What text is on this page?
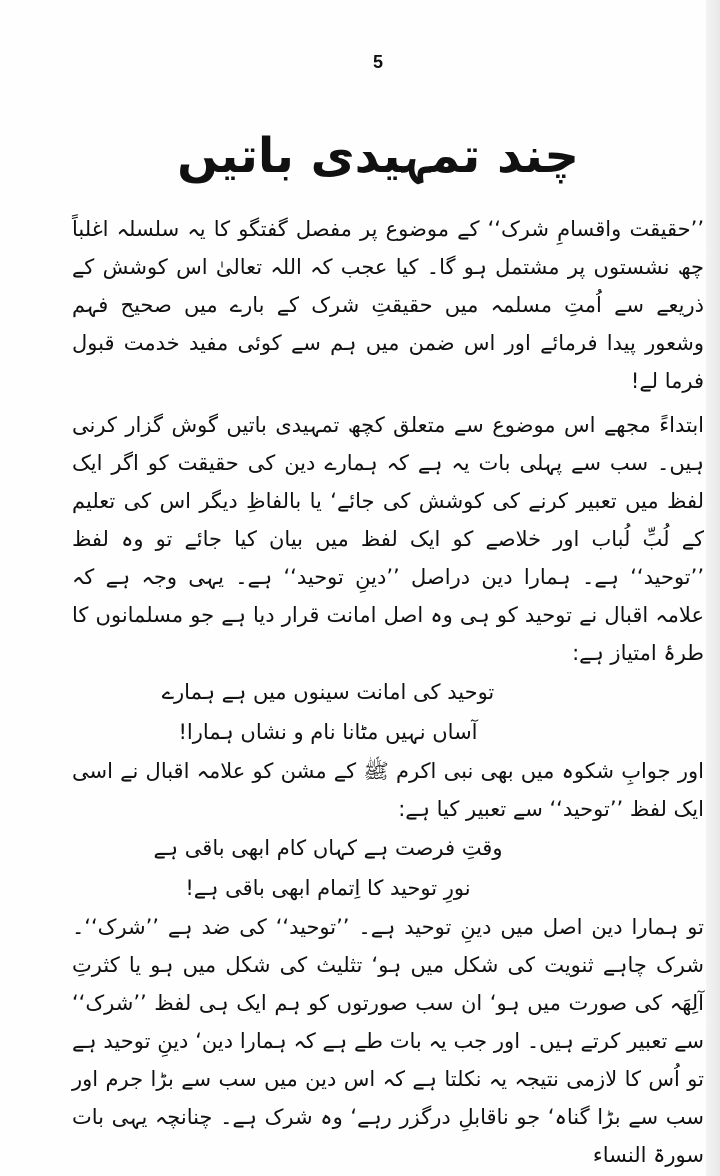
5
چند تمہیدی باتیں

’’حقیقت واقسامِ شرک‘‘ کے موضوع پر مفصل گفتگو کا یہ سلسلہ اغلباً چھ نشستوں پر مشتمل ہو گا۔ کیا عجب کہ اللہ تعالیٰ اس کوشش کے ذریعے سے اُمتِ مسلمہ میں حقیقتِ شرک کے بارے میں صحیح فہم وشعور پیدا فرمائے اور اس ضمن میں ہم سے کوئی مفید خدمت قبول فرما لے!

ابتداءً مجھے اس موضوع سے متعلق کچھ تمہیدی باتیں گوش گزار کرنی ہیں۔ سب سے پہلی بات یہ ہے کہ ہمارے دین کی حقیقت کو اگر ایک لفظ میں تعبیر کرنے کی کوشش کی جائے‘ یا بالفاظِ دیگر اس کی تعلیم کے لُبِّ لُباب اور خلاصے کو ایک لفظ میں بیان کیا جائے تو وہ لفظ ’’توحید‘‘ ہے۔ ہمارا دین دراصل ’’دینِ توحید‘‘ ہے۔ یہی وجہ ہے کہ علامہ اقبال نے توحید کو ہی وہ اصل امانت قرار دیا ہے جو مسلمانوں کا طرۂ امتیاز ہے:

توحید کی امانت سینوں میں ہے ہمارے
آساں نہیں مٹانا نام و نشاں ہمارا!

اور جوابِ شکوہ میں بھی نبی اکرم ﷺ کے مشن کو علامہ اقبال نے اسی ایک لفظ ’’توحید‘‘ سے تعبیر کیا ہے:

وقتِ فرصت ہے کہاں کام ابھی باقی ہے
نورِ توحید کا اِتمام ابھی باقی ہے!

تو ہمارا دین اصل میں دینِ توحید ہے۔ ’’توحید‘‘ کی ضد ہے ’’شرک‘‘۔ شرک چاہے ثنویت کی شکل میں ہو‘ تثلیث کی شکل میں ہو یا کثرتِ آلِھَہ کی صورت میں ہو‘ ان سب صورتوں کو ہم ایک ہی لفظ ’’شرک‘‘ سے تعبیر کرتے ہیں۔ اور جب یہ بات طے ہے کہ ہمارا دین‘ دینِ توحید ہے تو اُس کا لازمی نتیجہ یہ نکلتا ہے کہ اس دین میں سب سے بڑا جرم اور سب سے بڑا گناہ‘ جو ناقابلِ درگزر رہے‘ وہ شرک ہے۔ چنانچہ یہی بات سورۃ النساء
